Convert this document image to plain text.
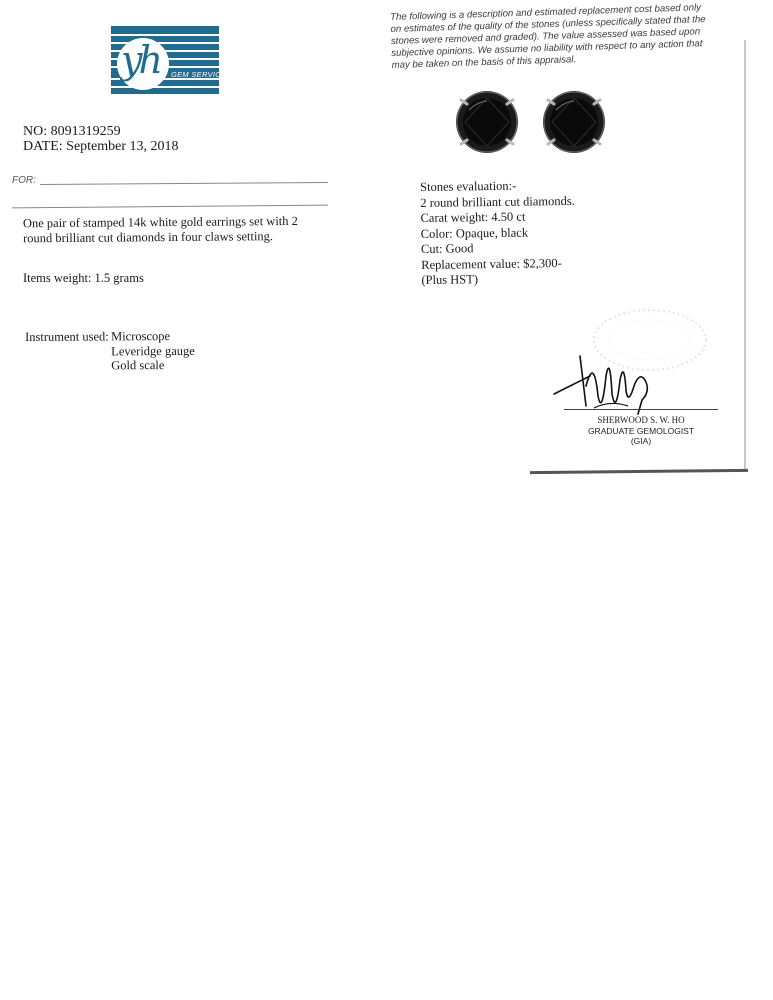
yh GEM SERVICES
NO: 8091319259
DATE: September 13, 2018
FOR:
One pair of stamped 14k white gold earrings set with 2 round brilliant cut diamonds in four claws setting.
Items weight: 1.5 grams
Instrument used: Microscope
Leveridge gauge
Gold scale
The following is a description and estimated replacement cost based only on estimates of the quality of the stones (unless specifically stated that the stones were removed and graded). The value assessed was based upon subjective opinions. We assume no liability with respect to any action that may be taken on the basis of this appraisal.
Stones evaluation:-
2 round brilliant cut diamonds.
Carat weight: 4.50 ct
Color: Opaque, black
Cut: Good
Replacement value: $2,300-
(Plus HST)
SHERWOOD S. W. HO
GRADUATE GEMOLOGIST
(GIA)
